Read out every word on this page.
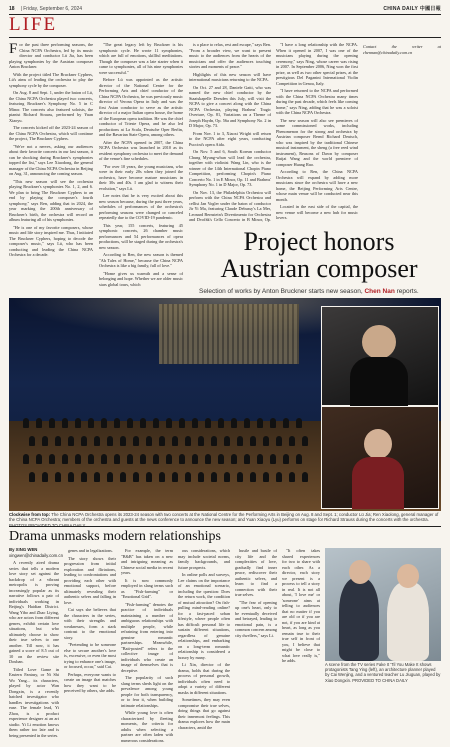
18 | Friday, September 6, 2024	CHINA DAILY 中國日報
LIFE

For the past three performing seasons, the China NCPA Orchestra, led by its music director and conductor Lü Jia, has been playing symphonies by the Austrian composer Anton Bruckner.

With the project titled The Bruckner Cyphers, Lü's aims of leading the orchestra to play the symphony cycle by the composer.

On Aug. 8 and Sept. 1, under the baton of Lü, the China NCPA Orchestra played two concerts, featuring Bruckner's Symphony No. 5 in C Minor. The concerts also featured soloists, the pianist Richard Strauss, performed by Yuan Xiaoyu.

The concerts kicked off the 2023-24 season of the China NCPA Orchestra, which will continue the project, The Bruckner Cyphers.

"We're not a nerves, asking our audiences about their favorite concerts in our last season, it can be shocking during Bruckner's symphonies topped the list," says Lee Xiaodong, the general manager of the China NCPA Orchestra in Beijing on Aug. 31, announcing the coming season.

"This new season will see the orchestra playing Bruckner's symphonies No. 1, 2, and 6. We plan to bring The Bruckner Cyphers to an end by playing the composer's fourth symphony," says Ren, adding that in 2024, the year marking the 200th anniversary of Bruckner's birth, the orchestra will record an album featuring all of his symphonies.

"He is one of my favorite composers, whose music and life story inspired me. Thus, I initiated The Bruckner Cyphers, hoping to decode the composer's music," says Lü, who has been conducting and leading the China NCPA Orchestra for a decade.

"The great legacy left by Bruckner is his symphonic cycle. He wrote 11 symphonies, which are full of emotions, skillful meditations. Though the composer was a late starter when it came to symphonies, all of his nine symphonies were successful."

Before Lü was appointed as the artistic director of the National Centre for the Performing Arts and chief conductor of the China NCPA Orchestra, he was previously music director of Verona Opera in Italy and was the first Asian conductor to serve as the artistic director of a major Italian opera house, the home of the European opera tradition. He was the chief conductor of Trieste Opera, and he also led productions at La Scala, Deutsche Oper Berlin, and the Bavarian State Opera, among others.

After the NCPA opened in 2007, the China NCPA Orchestra was launched in 2010 as its resident symphony orchestra to meet the demand of the venue's fine schedules.

"For over 10 years, the young musicians, who were in their early 20s when they joined the orchestra, have become mature musicians in their 30s and 40s. I am glad to witness their evolution," says Lü.

Lee notes that he is very excited about this new season because, during the past three years, schedules of performances of the orchestra's performing seasons were changed or canceled repeatedly due to the COVID-19 pandemic.

This year, 155 concerts, featuring 45 symphonic concerts, 26 chamber music performances and 54 performances of opera productions, will be staged during the orchestra's new season.

According to Ren, the new season is themed "Ah Tales of Home," because the China NCPA Orchestra is like a big family, full of love."

"Home gives us warmth and a sense of belonging and hope. Whether we are older music stars global tours, which

is a place to relax, rest and escape," says Ren. "From a broader view, we want to present music to the audiences from the hearts of the musicians and offer the audiences touching stories and moments of peace."

Highlights of this new season will have international musicians returning to the NCPA.

On Oct. 27 and 28, Daniele Gatti, who was named the new chief conductor by the Staatskapelle Dresden this July, will visit the NCPA to give a concert along with the China NCPA Orchestra, playing Brahms' Tragic Overture, Op. 81, Variations on a Theme of Joseph Haydn, Op. 56a and Symphony No. 2 in D Major, Op. 73.

From Nov. 1 to 3, Xiaoxi Wright will return to the NCPA after eight years, conducting Puccini's opera Aida.

On Nov. 5 and 6, South Korean conductor Chung Myung-whun will lead the orchestra, together with violinist Wang Lin, who is the winner of the 14th International Chopin Piano Competition, performing Chopin's Piano Concerto No. 1 in E Minor, Op. 11 and Brahms' Symphony No. 1 in D Major, Op. 73.

On Nov. 13, the Philadelphia Orchestra will perform with the China NCPA Orchestra and cellist Jan Vogler under the baton of conductor Jir Yi Ma, featuring Claude Debussy's La Mer, Leonard Bernstein's Divertimento for Orchestra and Dvořák's Cello Concerto in B Minor, Op.

"I have a long relationship with the NCPA. When it opened in 2007, I was one of the musicians playing during the opening ceremony," says Ning, whose career was rising in 2007. In September 2006, Ning won the first prize, as well as two other special prizes, at the prestigious Del Paganini International Violin Competition in Genoa, Italy.

"I have returned to the NCPA and performed with the China NCPA Orchestra many times during the past decade, which feels like coming home," says Ning, adding that he was a soloist with the China NCPA Orchestra.

The new season will also see premieres of some commissioned works, including Phenomenon for the strong and orchestra by Austrian composer Bernd Richard Deutsch, who was inspired by the traditional Chinese musical instrument, the sheng (a free reed wind instrument), Reasons of Dawn by composer Ruijai Wang and the world premiere of composer Huang Ruo.

According to Ren, the China NCPA Orchestra will expand by adding more musicians since the orchestra will have a new home, the Beijing Performing Arts Centre, whose main venue will be conducted near this month.

Located in the east side of the capital, the new venue will become a new hub for music lovers.

Contact the writer at chennan@chinadaily.com.cn

Project honors Austrian composer
Selection of works by Anton Bruckner starts new season, Chen Nan reports.
Clockwise from top: The China NCPA Orchestra opens its 2023-24 season with two concerts at the National Centre for the Performing Arts in Beijing on Aug. 8 and Sept. 1; conductor Lü Jia; Ren Xiaolong, general manager of the China NCPA Orchestra; members of the orchestra and guests at the news conference to announce the new season; and Yuan Xiaoyu (Lyu) performs on stage for Richard Strauss during the concerts with the orchestra.
Drama unmasks modern relationships
By XING WEN
xingwen@chinadaily.com.cn

A recently aired drama series that tells a modern love story set against the backdrop of a vibrant metropolis is proving increasingly popular as its narrative follows a pair of individuals working in Beijing's Haidian District. Wang Yibo and Zhao Liying, who are actors from different genres, exhibit certain love situations, but who ultimately choose to show their true selves to one another. Till now, it has gained a score of 8.5 out of 10 on the review site Douban.

Titled Love Game in Eastern Fantasy, or Ni Shi Wo Yang... its characters, played by actor Wan Dongxin, is a recently hatched investigator who handles investigations with ease. The female lead, Yi Zhou, is a product experience designer at an art studio. Yi Li emotion knows them rather too late and is being presented in the series.

genes and in legalizations.

The story shows their progression from initial exploration and flirtations, leading to confrontations and providing each other with emotional support, before ultimately revealing their authentic selves and falling in love.

Cai says she believes that the characters in the series, with their strengths and weaknesses, form a stark contrast to the emotional story.

"Pretending to be someone else to secure another's love is, excessive, or even the most trying to enhance one's image, or focused, occur," said Cai.

Perhaps, everyone wants to create an image that matches how they want to be perceived by others, she adds.

For example, the term "B&B" has taken on a new and intriguing meaning as Chinese social media in recent years.

It is now commonly employed in slang terms such as "Fish-farming" or "Emotional Grid".

"Fish-farming" denotes the practice of individuals maintaining a number of ambiguous relationships with multiple people, while refraining from entering into genuine romantic partnerships. Meanwhile, "Bait-posted" refers to the collective image of individuals who create an image of themselves that is deceptive.

The popularity of such slang terms sheds light on the prevalence among young people for both transparency, or to fear it, when building intimate relationships.

While young love is often characterized by fleeting moments, the criteria for adults when selecting a partner are often laden with numerous considerations.

ous considerations, which may include societal norms, family backgrounds, and future prospects.

In online polls and surveys, Lee claims on the importance of an emotional scenario, including the question: Does the return work, the condition of mutual attraction? On fish-pulling mind-reading online? for a fast-paced urban lifestyle, where people often has difficult personal life to sustain different situations, regardless of genuine relationships, and embarking on a long-term romantic relationship is considered a luxury by many.

Li Xin, director of the drama, holds that during the process of personal growth, individuals often need to adopt a variety of different masks in different situations.

Sometimes, they may even compromise their true selves, doing things that go against their innermost feelings. This drama explores how the main characters, amid the

hustle and bustle of city life and the complexities of love, gradually find inner peace, rediscover their authentic selves, and learn to find a connection with their true selves.

"The fear of opening up one's heart, only to be eventually deceived and betrayed, leading to emotional pain, is a common concern among city dwellers," says Li.

"It often takes shared experiences for two to share with each other. As a director, each story we present is a process to tell a story in real. It is not all about, 'I love me' or 'someone' aims at telling to audiences that no matter if you are old or if you are not, if you are kind at heart, as long as you remain true to their true self in front of you, I believe that might be close to what love really is," he adds.

A scene from the TV series Fake It 'Til You Make It shows protagonists Tang Ying (left), an architecture planner played by Cai Wenjing, and a ventured teacher Lu Jiuguan, played by Xiao Dongxin. PROVIDED TO CHINA DAILY
